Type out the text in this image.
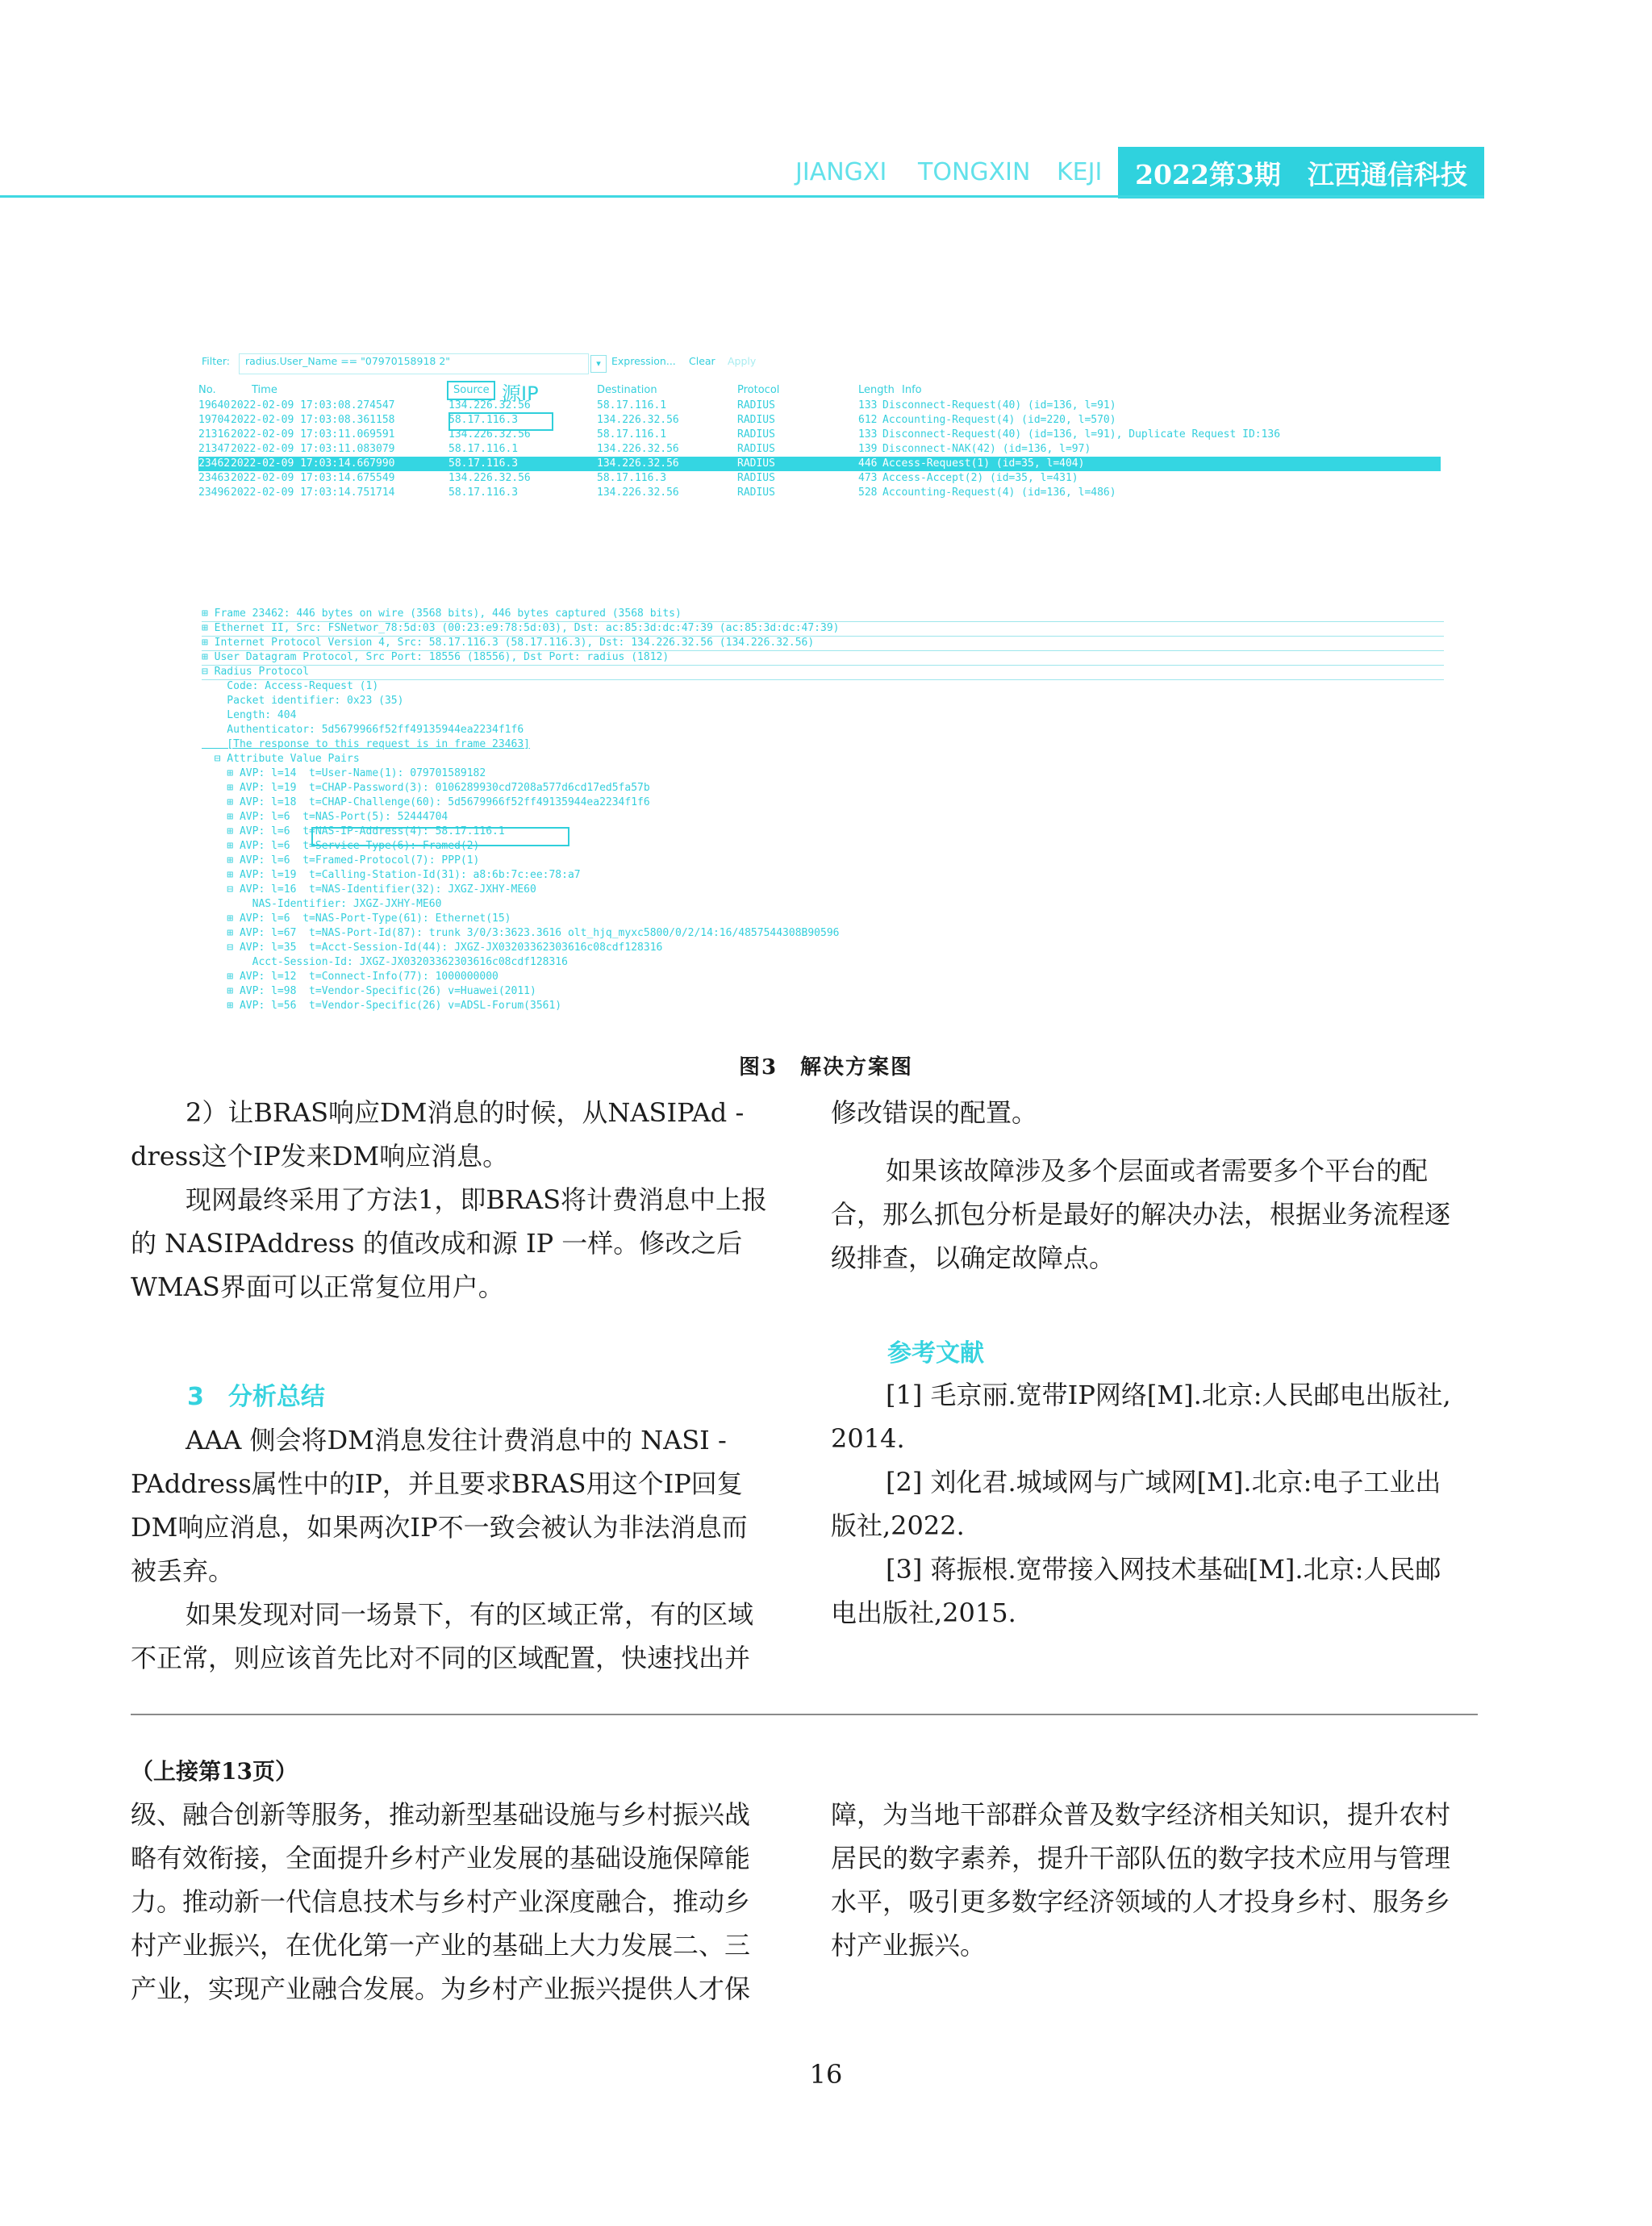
JIANGXI TONGXIN KEJI	2022第3期　江西通信科技

Filter:

radius.User_Name == "07970158918 2"

	Expression...

Clear

Apply

▾
No.	Time	Source	Destination	Protocol	Length Info
源IP
19640 2022-02-09 17:03:08.274547	134.226.32.56	58.17.116.1	RADIUS	133 Disconnect-Request(40) (id=136, l=91)
19704 2022-02-09 17:03:08.361158	58.17.116.3	134.226.32.56	RADIUS	612 Accounting-Request(4) (id=220, l=570)
21316 2022-02-09 17:03:11.069591	134.226.32.56	58.17.116.1	RADIUS	133 Disconnect-Request(40) (id=136, l=91), Duplicate Request ID:136
21347 2022-02-09 17:03:11.083079	58.17.116.1	134.226.32.56	RADIUS	139 Disconnect-NAK(42) (id=136, l=97)
23462 2022-02-09 17:03:14.667990	58.17.116.3	134.226.32.56	RADIUS	446 Access-Request(1) (id=35, l=404)
23463 2022-02-09 17:03:14.675549	134.226.32.56	58.17.116.3	RADIUS	473 Access-Accept(2) (id=35, l=431)
23496 2022-02-09 17:03:14.751714	58.17.116.3	134.226.32.56	RADIUS	528 Accounting-Request(4) (id=136, l=486)
⊞ Frame 23462: 446 bytes on wire (3568 bits), 446 bytes captured (3568 bits)
⊞ Ethernet II, Src: FSNetwor_78:5d:03 (00:23:e9:78:5d:03), Dst: ac:85:3d:dc:47:39 (ac:85:3d:dc:47:39)
⊞ Internet Protocol Version 4, Src: 58.17.116.3 (58.17.116.3), Dst: 134.226.32.56 (134.226.32.56)
⊞ User Datagram Protocol, Src Port: 18556 (18556), Dst Port: radius (1812)
⊟ Radius Protocol
Code: Access-Request (1)
Packet identifier: 0x23 (35)
Length: 404
Authenticator: 5d5679966f52ff49135944ea2234f1f6
[The response to this request is in frame 23463]
⊟ Attribute Value Pairs
⊞ AVP: l=14  t=User-Name(1): 079701589182
⊞ AVP: l=19  t=CHAP-Password(3): 0106289930cd7208a577d6cd17ed5fa57b
⊞ AVP: l=18  t=CHAP-Challenge(60): 5d5679966f52ff49135944ea2234f1f6
⊞ AVP: l=6  t=NAS-Port(5): 52444704
⊞ AVP: l=6  t=NAS-IP-Address(4): 58.17.116.1
⊞ AVP: l=6  t=Service-Type(6): Framed(2)
⊞ AVP: l=6  t=Framed-Protocol(7): PPP(1)
⊞ AVP: l=19  t=Calling-Station-Id(31): a8:6b:7c:ee:78:a7
⊟ AVP: l=16  t=NAS-Identifier(32): JXGZ-JXHY-ME60
NAS-Identifier: JXGZ-JXHY-ME60
⊞ AVP: l=6  t=NAS-Port-Type(61): Ethernet(15)
⊞ AVP: l=67  t=NAS-Port-Id(87): trunk 3/0/3:3623.3616 olt_hjq_myxc5800/0/2/14:16/4857544308B90596
⊟ AVP: l=35  t=Acct-Session-Id(44): JXGZ-JX03203362303616c08cdf128316
Acct-Session-Id: JXGZ-JX03203362303616c08cdf128316
⊞ AVP: l=12  t=Connect-Info(77): 1000000000
⊞ AVP: l=98  t=Vendor-Specific(26) v=Huawei(2011)
⊞ AVP: l=56  t=Vendor-Specific(26) v=ADSL-Forum(3561)
图3　解决方案图
2）让BRAS响应DM消息的时候，从NASIPAd -
dress这个IP发来DM响应消息。
现网最终采用了方法1，即BRAS将计费消息中上报
的 NASIPAddress 的值改成和源 IP 一样。修改之后
WMAS界面可以正常复位用户。
3　分析总结
AAA 侧会将DM消息发往计费消息中的 NASI -
PAddress属性中的IP，并且要求BRAS用这个IP回复
DM响应消息，如果两次IP不一致会被认为非法消息而
被丢弃。
如果发现对同一场景下，有的区域正常，有的区域
不正常，则应该首先比对不同的区域配置，快速找出并
修改错误的配置。
如果该故障涉及多个层面或者需要多个平台的配
合，那么抓包分析是最好的解决办法，根据业务流程逐
级排查，以确定故障点。
参考文献
[1] 毛京丽.宽带IP网络[M].北京:人民邮电出版社,
2014.
[2] 刘化君.城域网与广域网[M].北京:电子工业出
版社,2022.
[3] 蒋振根.宽带接入网技术基础[M].北京:人民邮
电出版社,2015.
（上接第13页）
级、融合创新等服务，推动新型基础设施与乡村振兴战
略有效衔接，全面提升乡村产业发展的基础设施保障能
力。推动新一代信息技术与乡村产业深度融合，推动乡
村产业振兴，在优化第一产业的基础上大力发展二、三
产业，实现产业融合发展。为乡村产业振兴提供人才保
障，为当地干部群众普及数字经济相关知识，提升农村
居民的数字素养，提升干部队伍的数字技术应用与管理
水平，吸引更多数字经济领域的人才投身乡村、服务乡
村产业振兴。
16
